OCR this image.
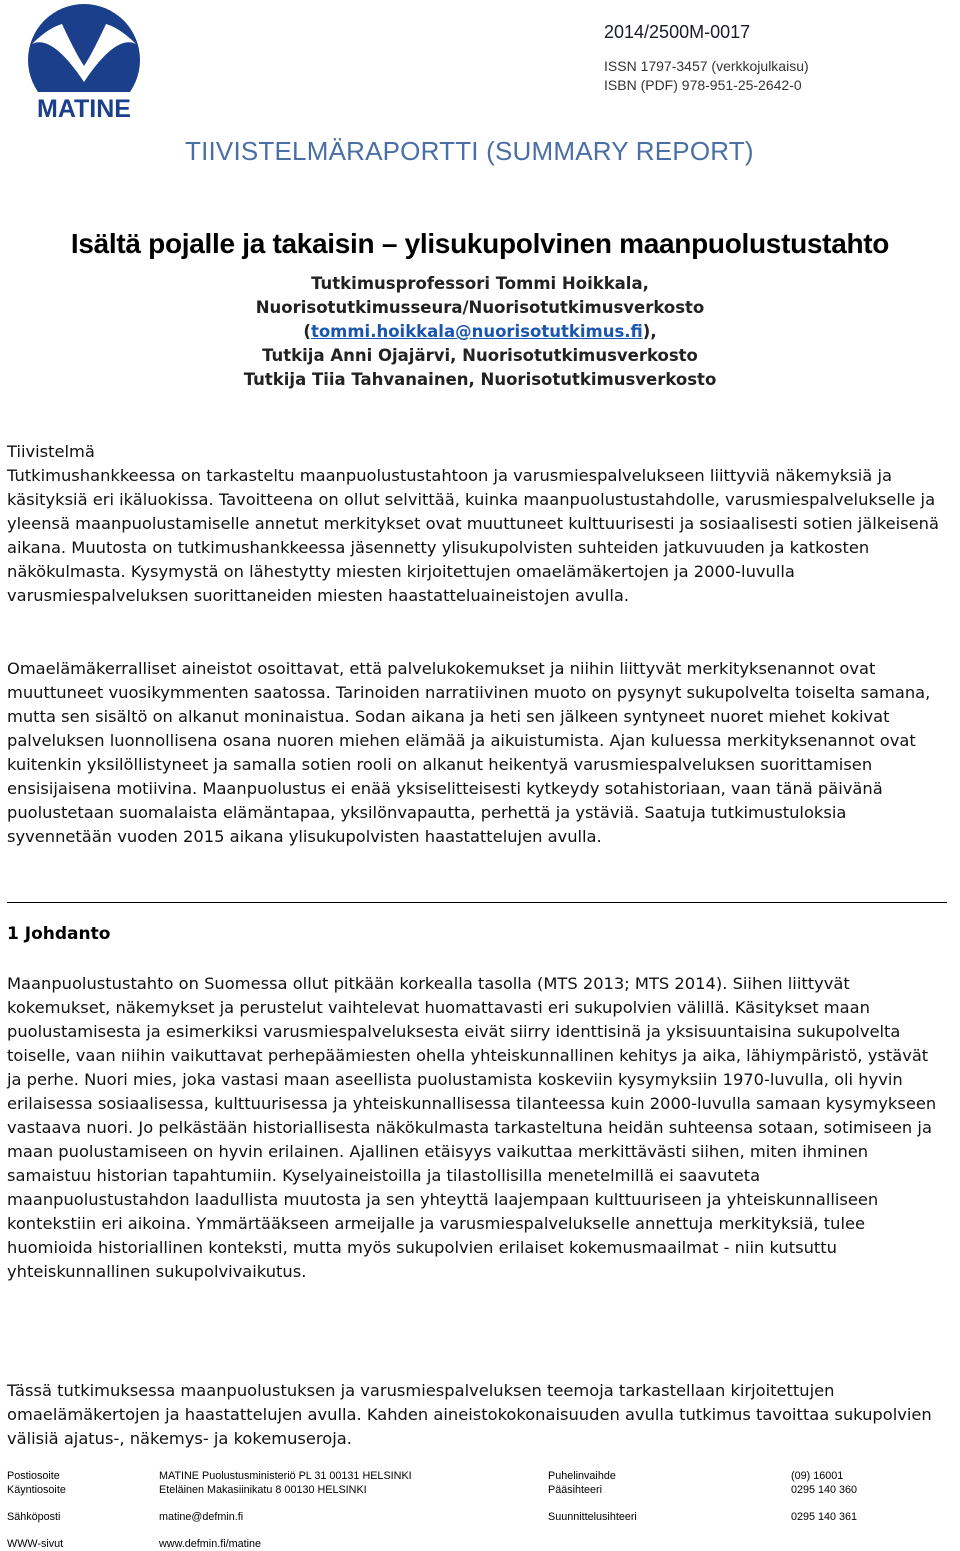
MATINE
2014/2500M-0017
ISSN 1797-3457 (verkkojulkaisu)
ISBN (PDF) 978-951-25-2642-0
TIIVISTELMÄRAPORTTI (SUMMARY REPORT)
Isältä pojalle ja takaisin – ylisukupolvinen maanpuolustustahto
Tutkimusprofessori Tommi Hoikkala,
Nuorisotutkimusseura/Nuorisotutkimusverkosto
(tommi.hoikkala@nuorisotutkimus.fi),
Tutkija Anni Ojajärvi, Nuorisotutkimusverkosto
Tutkija Tiia Tahvanainen, Nuorisotutkimusverkosto

Tiivistelmä

Tutkimushankkeessa on tarkasteltu maanpuolustustahtoon ja varusmiespalvelukseen liittyviä näkemyksiä ja käsityksiä eri ikäluokissa. Tavoitteena on ollut selvittää, kuinka maanpuolustustahdolle, varusmiespalvelukselle ja yleensä maanpuolustamiselle annetut merkitykset ovat muuttuneet kulttuurisesti ja sosiaalisesti sotien jälkeisenä aikana. Muutosta on tutkimushankkeessa jäsennetty ylisukupolvisten suhteiden jatkuvuuden ja katkosten näkökulmasta. Kysymystä on lähestytty miesten kirjoitettujen omaelämäkertojen ja 2000-luvulla varusmiespalveluksen suorittaneiden miesten haastatteluaineistojen avulla.

Omaelämäkerralliset aineistot osoittavat, että palvelukokemukset ja niihin liittyvät merkityksenannot ovat muuttuneet vuosikymmenten saatossa. Tarinoiden narratiivinen muoto on pysynyt sukupolvelta toiselta samana, mutta sen sisältö on alkanut moninaistua. Sodan aikana ja heti sen jälkeen syntyneet nuoret miehet kokivat palveluksen luonnollisena osana nuoren miehen elämää ja aikuistumista. Ajan kuluessa merkityksenannot ovat kuitenkin yksilöllistyneet ja samalla sotien rooli on alkanut heikentyä varusmiespalveluksen suorittamisen ensisijaisena motiivina. Maanpuolustus ei enää yksiselitteisesti kytkeydy sotahistoriaan, vaan tänä päivänä puolustetaan suomalaista elämäntapaa, yksilönvapautta, perhettä ja ystäviä. Saatuja tutkimustuloksia syvennetään vuoden 2015 aikana ylisukupolvisten haastattelujen avulla.
1 Johdanto
Maanpuolustustahto on Suomessa ollut pitkään korkealla tasolla (MTS 2013; MTS 2014). Siihen liittyvät kokemukset, näkemykset ja perustelut vaihtelevat huomattavasti eri sukupolvien välillä. Käsitykset maan puolustamisesta ja esimerkiksi varusmiespalveluksesta eivät siirry identtisinä ja yksisuuntaisina sukupolvelta toiselle, vaan niihin vaikuttavat perhepäämiesten ohella yhteiskunnallinen kehitys ja aika, lähiympäristö, ystävät ja perhe. Nuori mies, joka vastasi maan aseellista puolustamista koskeviin kysymyksiin 1970-luvulla, oli hyvin erilaisessa sosiaalisessa, kulttuurisessa ja yhteiskunnallisessa tilanteessa kuin 2000-luvulla samaan kysymykseen vastaava nuori. Jo pelkästään historiallisesta näkökulmasta tarkasteltuna heidän suhteensa sotaan, sotimiseen ja maan puolustamiseen on hyvin erilainen. Ajallinen etäisyys vaikuttaa merkittävästi siihen, miten ihminen samaistuu historian tapahtumiin. Kyselyaineistoilla ja tilastollisilla menetelmillä ei saavuteta maanpuolustustahdon laadullista muutosta ja sen yhteyttä laajempaan kulttuuriseen ja yhteiskunnalliseen kontekstiin eri aikoina. Ymmärtääkseen armeijalle ja varusmiespalvelukselle annettuja merkityksiä, tulee huomioida historiallinen konteksti, mutta myös sukupolvien erilaiset kokemusmaailmat - niin kutsuttu yhteiskunnallinen sukupolvivaikutus.
Tässä tutkimuksessa maanpuolustuksen ja varusmiespalveluksen teemoja tarkastellaan kirjoitettujen omaelämäkertojen ja haastattelujen avulla. Kahden aineistokokonaisuuden avulla tutkimus tavoittaa sukupolvien välisiä ajatus-, näkemys- ja kokemuseroja.
Postiosoite	MATINE Puolustusministeriö PL 31 00131 HELSINKI	Puhelinvaihde	(09) 16001
Käyntiosoite	Eteläinen Makasiinikatu 8 00130 HELSINKI	Pääsihteeri	0295 140 360
Sähköposti	matine@defmin.fi	Suunnittelusihteeri	0295 140 361
WWW-sivut	www.defmin.fi/matine
